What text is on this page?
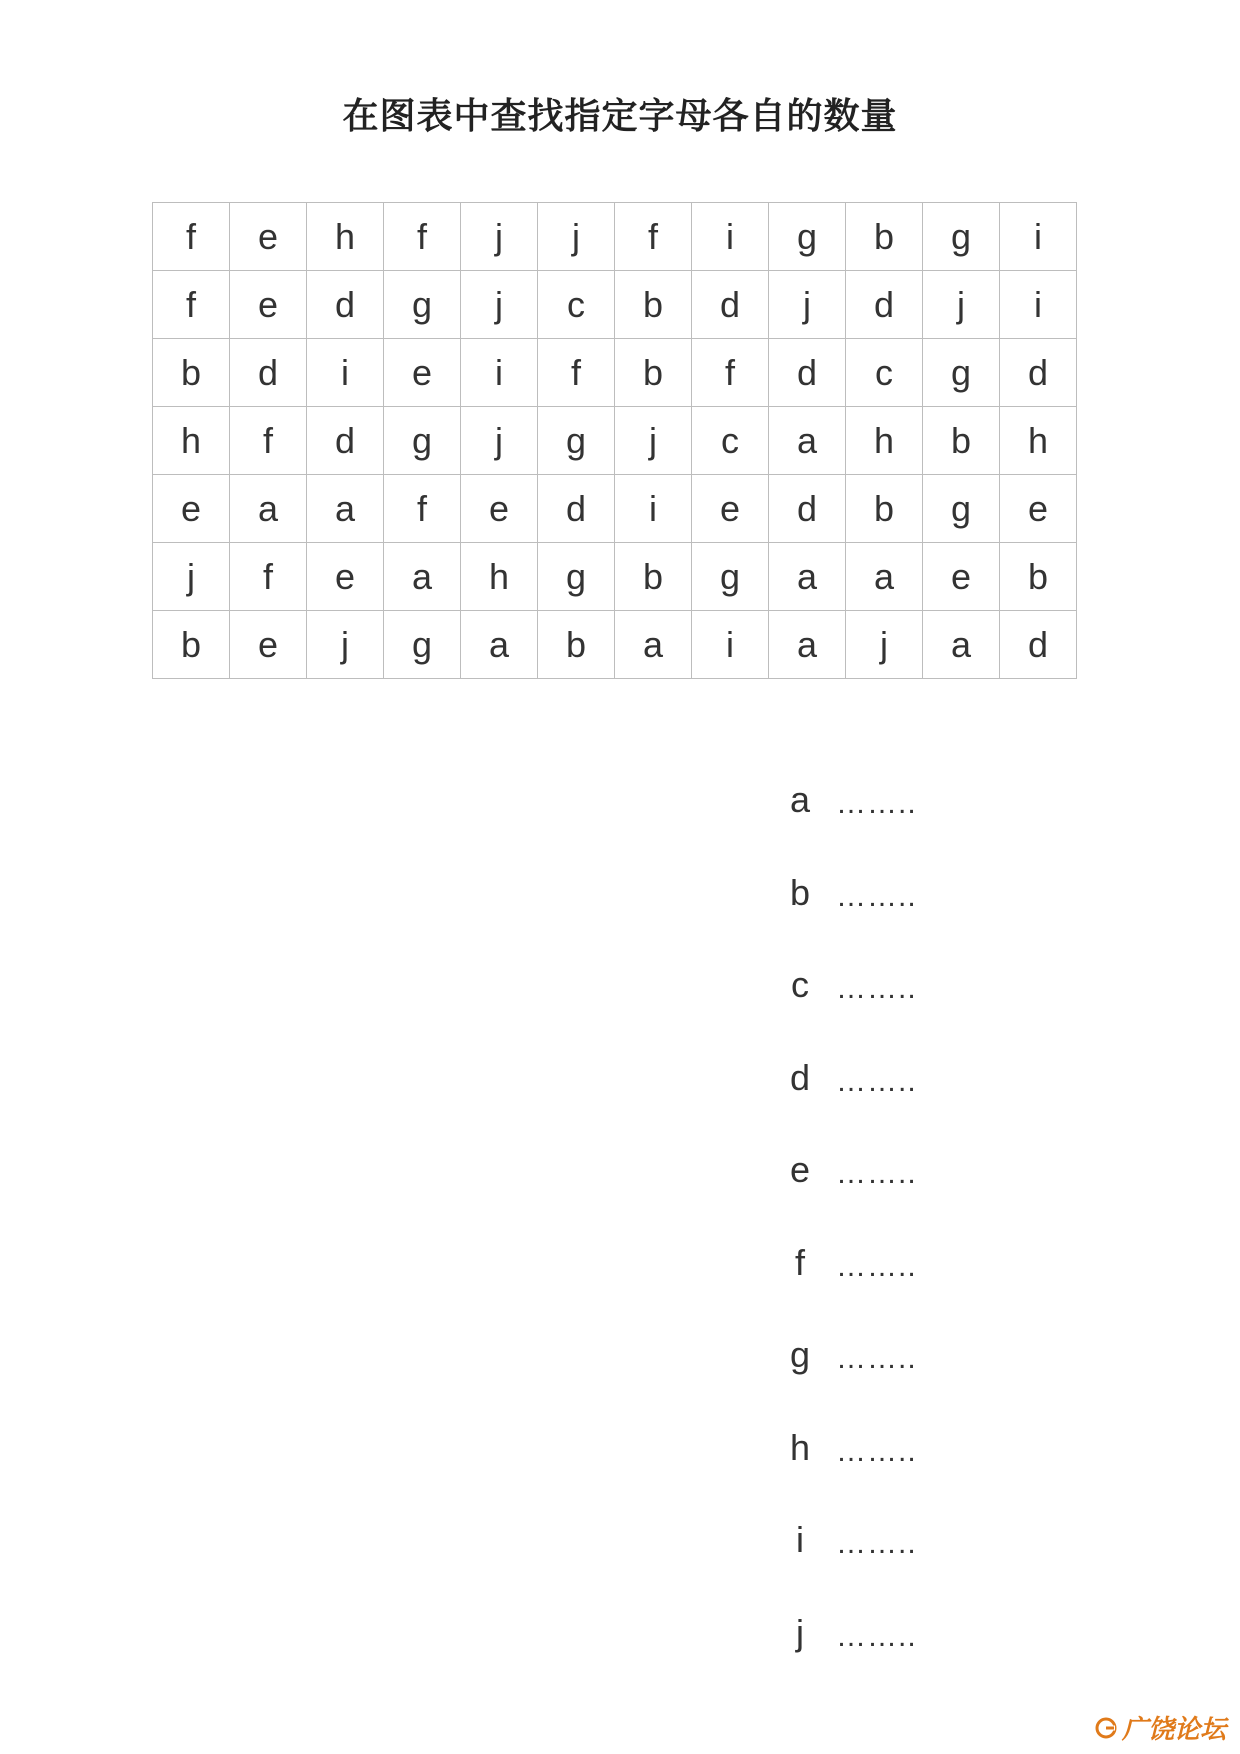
在图表中查找指定字母各自的数量
f	e	h	f	j	j	f	i	g	b	g	i
f	e	d	g	j	c	b	d	j	d	j	i
b	d	i	e	i	f	b	f	d	c	g	d
h	f	d	g	j	g	j	c	a	h	b	h
e	a	a	f	e	d	i	e	d	b	g	e
j	f	e	a	h	g	b	g	a	a	e	b
b	e	j	g	a	b	a	i	a	j	a	d
a ……..
b ……..
c ……..
d ……..
e ……..
f	……..
g ……..
h ……..
i	……..
j	……..
广饶论坛
